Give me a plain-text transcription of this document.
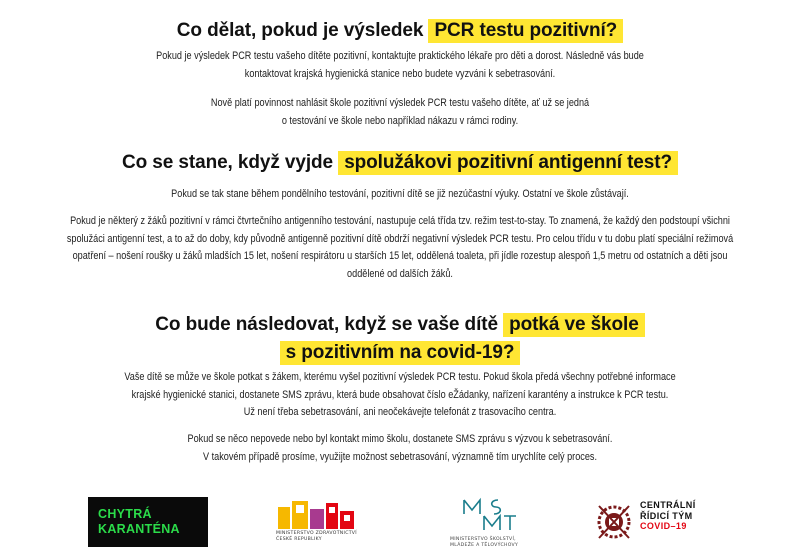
Co dělat, pokud je výsledek PCR testu pozitivní?
Pokud je výsledek PCR testu vašeho dítěte pozitivní, kontaktujte praktického lékaře pro děti a dorost. Následně vás bude
kontaktovat krajská hygienická stanice nebo budete vyzváni k sebetrasování.
Nově platí povinnost nahlásit škole pozitivní výsledek PCR testu vašeho dítěte, ať už se jedná
o testování ve škole nebo například nákazu v rámci rodiny.
Co se stane, když vyjde spolužákovi pozitivní antigenní test?
Pokud se tak stane během pondělního testování, pozitivní dítě se již nezúčastní výuky. Ostatní ve škole zůstávají.
Pokud je některý z žáků pozitivní v rámci čtvrtečního antigenního testování, nastupuje celá třída tzv. režim test-to-stay. To znamená, že každý den podstoupí všichni
spolužáci antigenní test, a to až do doby, kdy původně antigenně pozitivní dítě obdrží negativní výsledek PCR testu. Pro celou třídu v tu dobu platí speciální režimová
opatření – nošení roušky u žáků mladších 15 let, nošení respirátoru u starších 15 let, oddělená toaleta, při jídle rozestup alespoň 1,5 metru od ostatních a děti jsou
oddělené od dalších žáků.
Co bude následovat, když se vaše dítě potká ve škole
s pozitivním na covid-19?
Vaše dítě se může ve škole potkat s žákem, kterému vyšel pozitivní výsledek PCR testu. Pokud škola předá všechny potřebné informace
krajské hygienické stanici, dostanete SMS zprávu, která bude obsahovat číslo eŽádanky, nařízení karantény a instrukce k PCR testu.
Už není třeba sebetrasování, ani neočekávejte telefonát z trasovacího centra.
Pokud se něco nepovede nebo byl kontakt mimo školu, dostanete SMS zprávu s výzvou k sebetrasování.
V takovém případě prosíme, využijte možnost sebetrasování, významně tím urychlíte celý proces.
CHYTRÁ
KARANTÉNA	MINISTERSTVO ZDRAVOTNICTVÍ
ČESKÉ REPUBLIKY	MINISTERSTVO ŠKOLSTVÍ,
MLÁDEŽE A TĚLOVÝCHOVY
CENTRÁLNÍ
ŘÍDICÍ TÝM
COVID–19
